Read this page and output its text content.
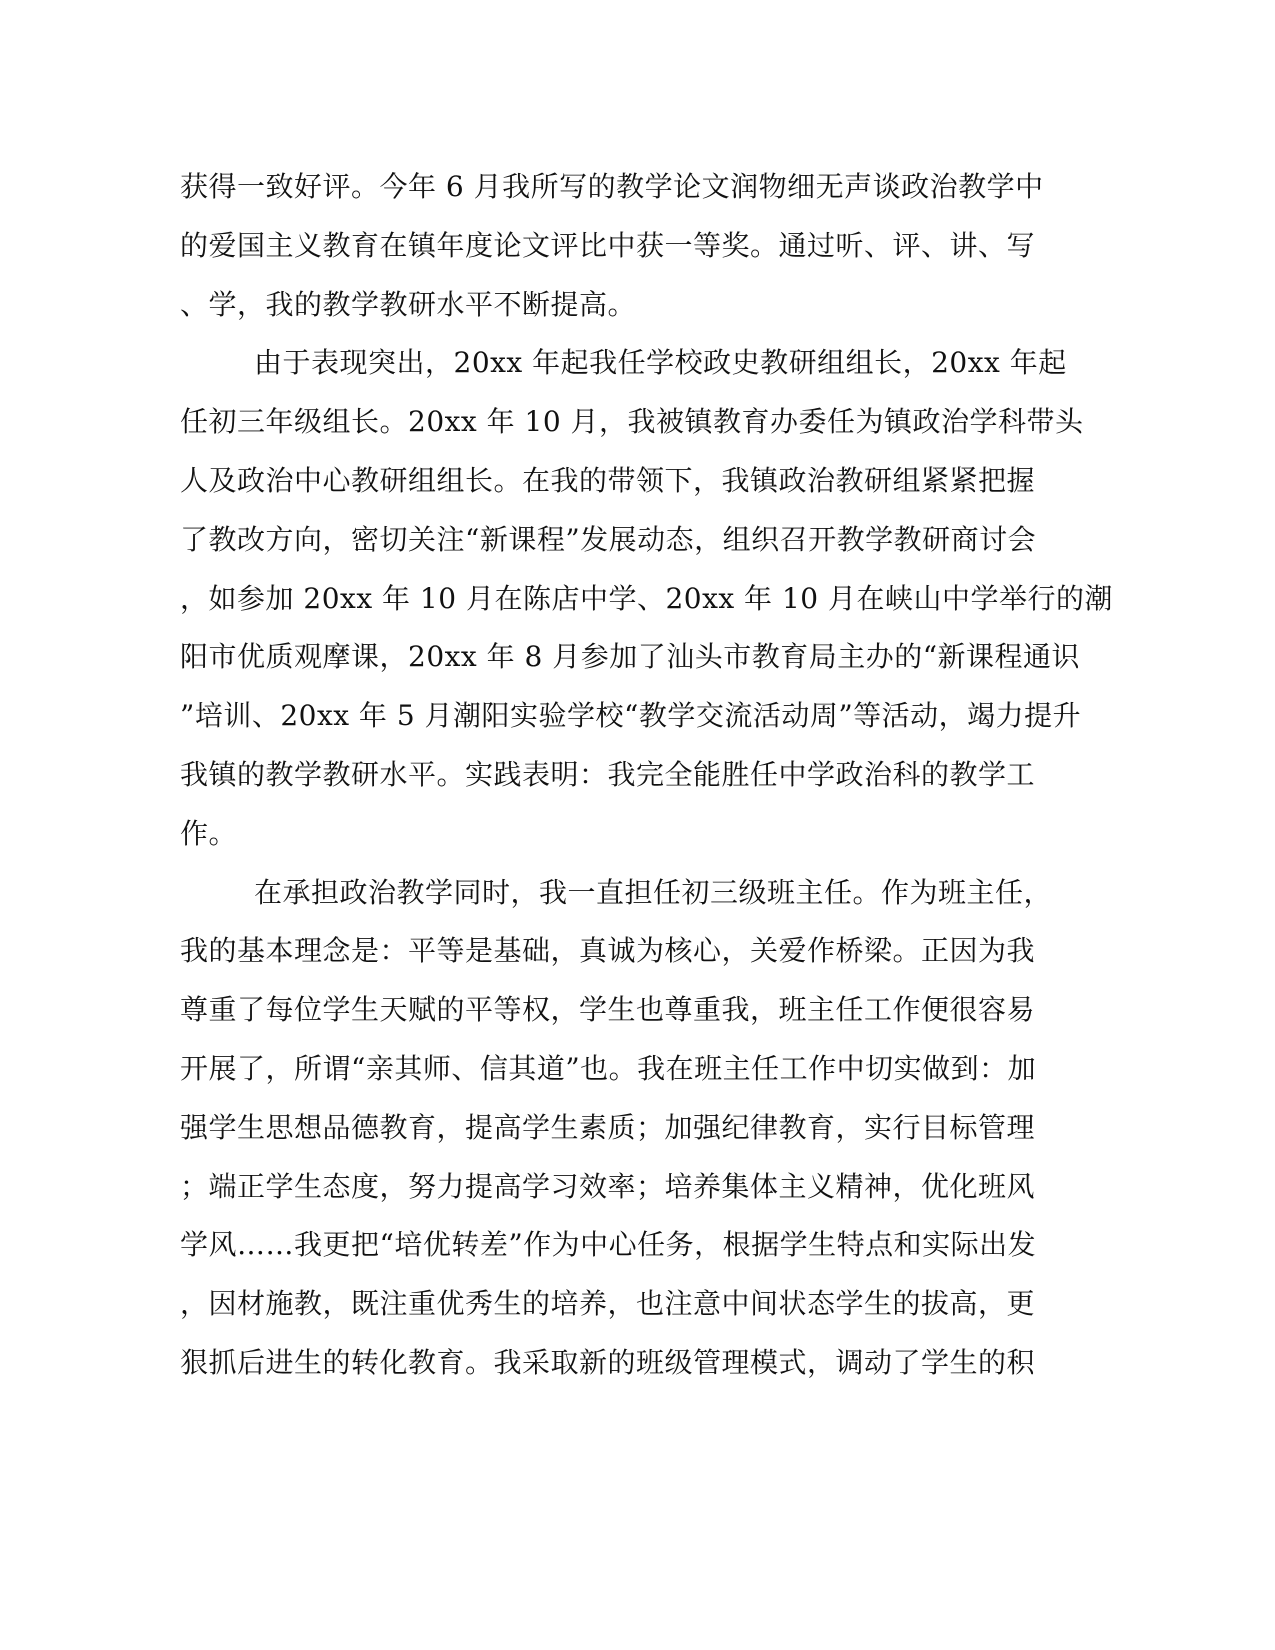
获得一致好评。今年 6 月我所写的教学论文润物细无声谈政治教学中
的爱国主义教育在镇年度论文评比中获一等奖。通过听、评、讲、写
、学，我的教学教研水平不断提高。
由于表现突出，20xx 年起我任学校政史教研组组长，20xx 年起
任初三年级组长。20xx 年 10 月，我被镇教育办委任为镇政治学科带头
人及政治中心教研组组长。在我的带领下，我镇政治教研组紧紧把握
了教改方向，密切关注“新课程”发展动态，组织召开教学教研商讨会
，如参加 20xx 年 10 月在陈店中学、20xx 年 10 月在峡山中学举行的潮
阳市优质观摩课，20xx 年 8 月参加了汕头市教育局主办的“新课程通识
”培训、20xx 年 5 月潮阳实验学校“教学交流活动周”等活动，竭力提升
我镇的教学教研水平。实践表明：我完全能胜任中学政治科的教学工
作。
在承担政治教学同时，我一直担任初三级班主任。作为班主任，
我的基本理念是：平等是基础，真诚为核心，关爱作桥梁。正因为我
尊重了每位学生天赋的平等权，学生也尊重我，班主任工作便很容易
开展了，所谓“亲其师、信其道”也。我在班主任工作中切实做到：加
强学生思想品德教育，提高学生素质；加强纪律教育，实行目标管理
；端正学生态度，努力提高学习效率；培养集体主义精神，优化班风
学风……我更把“培优转差”作为中心任务，根据学生特点和实际出发
，因材施教，既注重优秀生的培养，也注意中间状态学生的拔高，更
狠抓后进生的转化教育。我采取新的班级管理模式，调动了学生的积
